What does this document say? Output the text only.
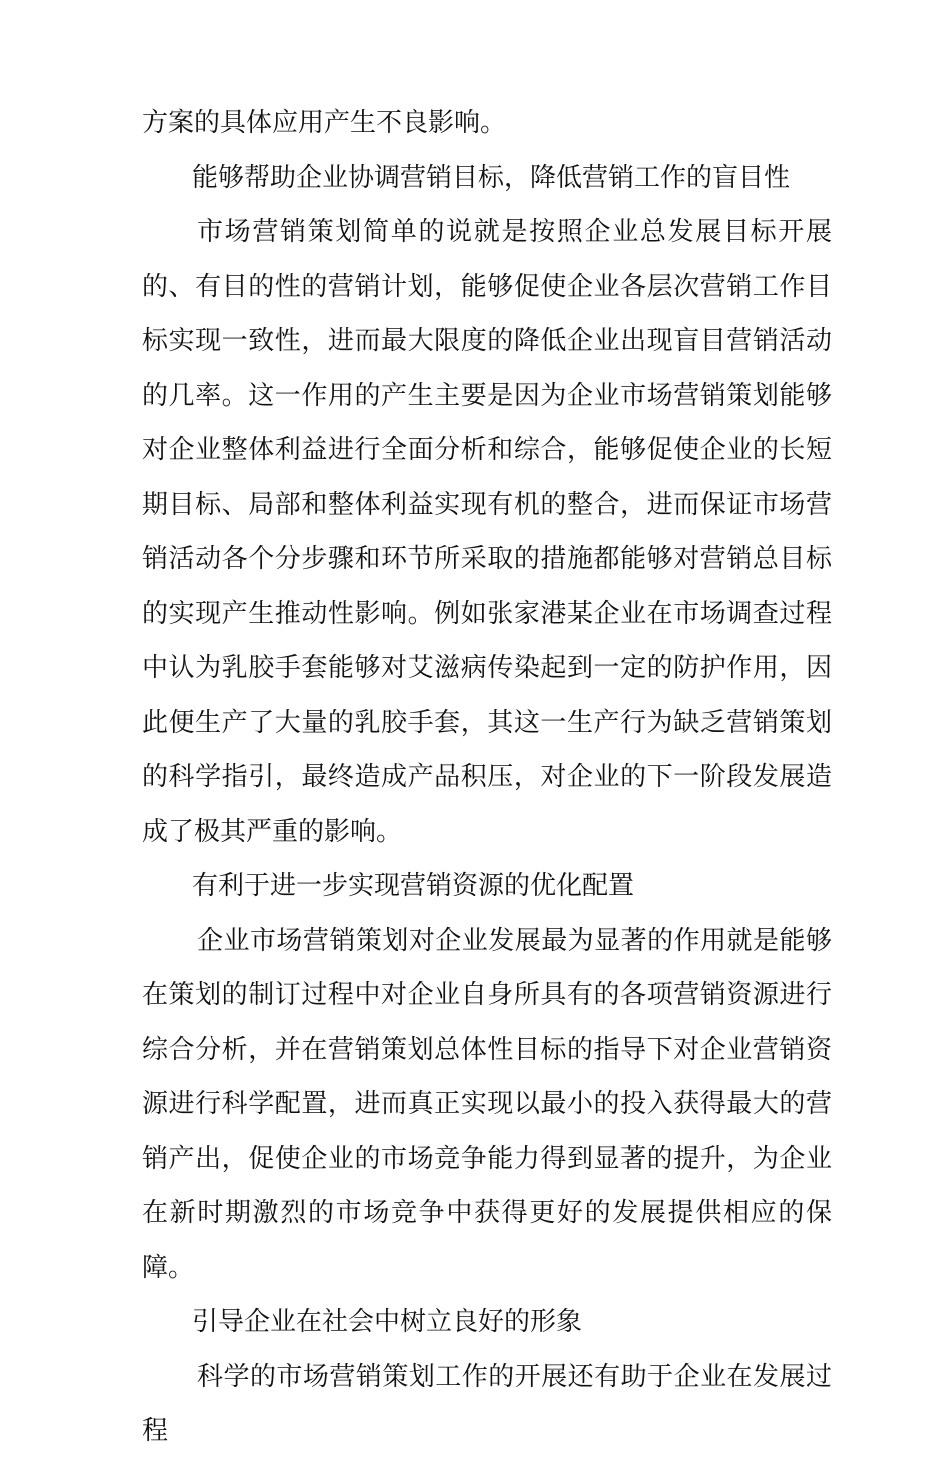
方案的具体应用产生不良影响。

能够帮助企业协调营销目标，降低营销工作的盲目性

市场营销策划简单的说就是按照企业总发展目标开展的、有目的性的营销计划，能够促使企业各层次营销工作目标实现一致性，进而最大限度的降低企业出现盲目营销活动的几率。这一作用的产生主要是因为企业市场营销策划能够对企业整体利益进行全面分析和综合，能够促使企业的长短期目标、局部和整体利益实现有机的整合，进而保证市场营销活动各个分步骤和环节所采取的措施都能够对营销总目标的实现产生推动性影响。例如张家港某企业在市场调查过程中认为乳胶手套能够对艾滋病传染起到一定的防护作用，因此便生产了大量的乳胶手套，其这一生产行为缺乏营销策划的科学指引，最终造成产品积压，对企业的下一阶段发展造成了极其严重的影响。

有利于进一步实现营销资源的优化配置

企业市场营销策划对企业发展最为显著的作用就是能够在策划的制订过程中对企业自身所具有的各项营销资源进行综合分析，并在营销策划总体性目标的指导下对企业营销资源进行科学配置，进而真正实现以最小的投入获得最大的营销产出，促使企业的市场竞争能力得到显著的提升，为企业在新时期激烈的市场竞争中获得更好的发展提供相应的保障。

引导企业在社会中树立良好的形象

科学的市场营销策划工作的开展还有助于企业在发展过程
